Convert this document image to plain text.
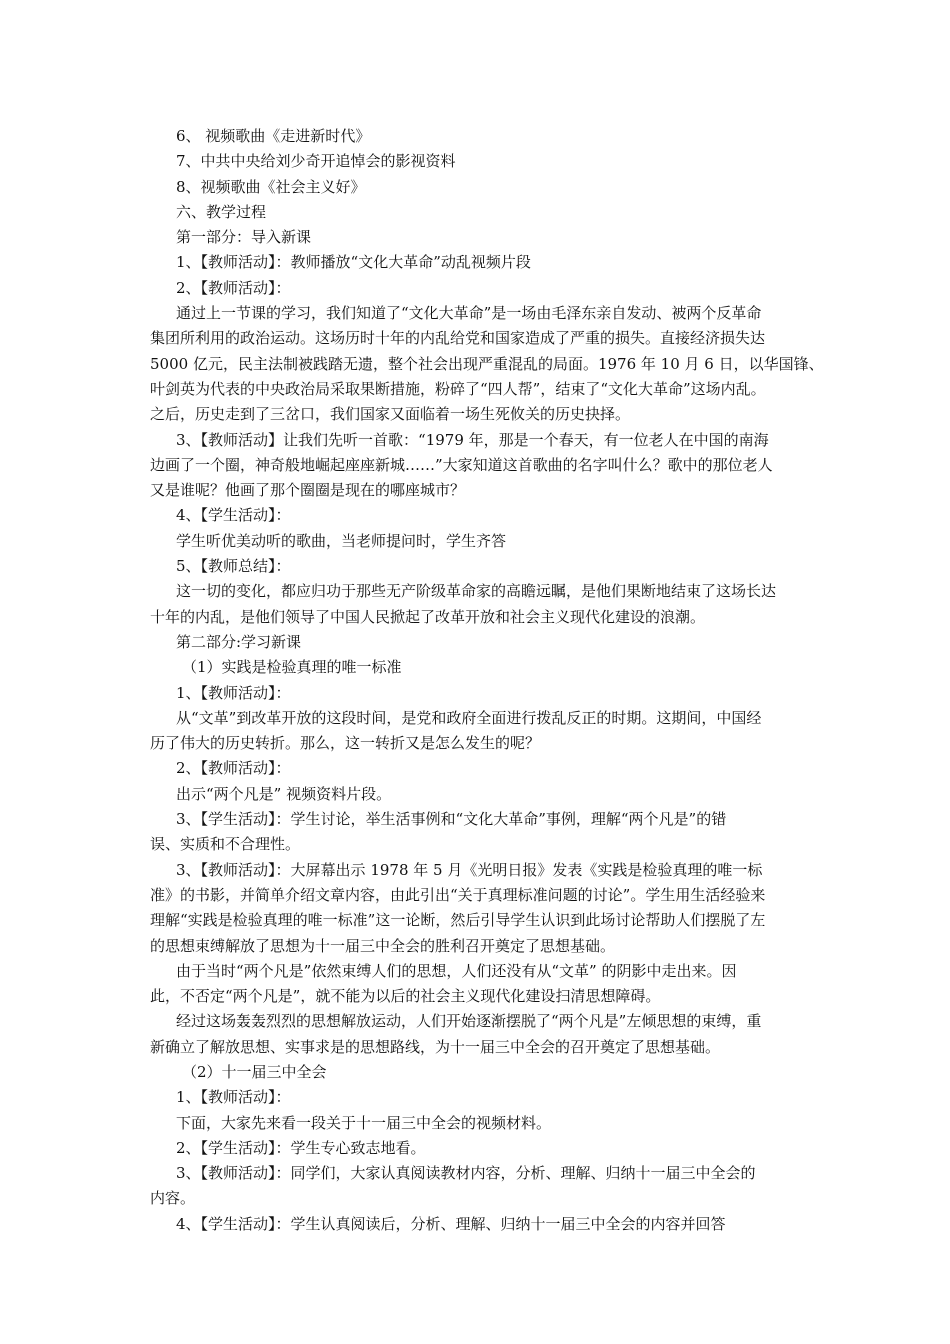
6、 视频歌曲《走进新时代》
7、中共中央给刘少奇开追悼会的影视资料
8、视频歌曲《社会主义好》
六、教学过程
第一部分：导入新课
1、【教师活动】：教师播放“文化大革命”动乱视频片段
2、【教师活动】：
通过上一节课的学习，我们知道了“文化大革命”是一场由毛泽东亲自发动、被两个反革命
集团所利用的政治运动。这场历时十年的内乱给党和国家造成了严重的损失。直接经济损失达
5000 亿元，民主法制被践踏无遗，整个社会出现严重混乱的局面。1976 年 10 月 6 日，以华国锋、
叶剑英为代表的中央政治局采取果断措施，粉碎了“四人帮”，结束了“文化大革命”这场内乱。
之后，历史走到了三岔口，我们国家又面临着一场生死攸关的历史抉择。
3、【教师活动】让我们先听一首歌：“1979 年，那是一个春天，有一位老人在中国的南海
边画了一个圈，神奇般地崛起座座新城……”大家知道这首歌曲的名字叫什么？歌中的那位老人
又是谁呢？他画了那个圈圈是现在的哪座城市？
4、【学生活动】：
学生听优美动听的歌曲，当老师提问时，学生齐答
5、【教师总结】：
这一切的变化，都应归功于那些无产阶级革命家的高瞻远瞩，是他们果断地结束了这场长达
十年的内乱，是他们领导了中国人民掀起了改革开放和社会主义现代化建设的浪潮。
第二部分:学习新课
（1）实践是检验真理的唯一标准
1、【教师活动】：
从“文革”到改革开放的这段时间，是党和政府全面进行拨乱反正的时期。这期间，中国经
历了伟大的历史转折。那么，这一转折又是怎么发生的呢？
2、【教师活动】：
出示“两个凡是” 视频资料片段。
3、【学生活动】：学生讨论，举生活事例和“文化大革命”事例，理解“两个凡是”的错
误、实质和不合理性。
3、【教师活动】：大屏幕出示 1978 年 5 月《光明日报》发表《实践是检验真理的唯一标
准》的书影，并简单介绍文章内容，由此引出“关于真理标准问题的讨论”。学生用生活经验来
理解“实践是检验真理的唯一标准”这一论断，然后引导学生认识到此场讨论帮助人们摆脱了左
的思想束缚解放了思想为十一届三中全会的胜利召开奠定了思想基础。
由于当时“两个凡是”依然束缚人们的思想，人们还没有从“文革” 的阴影中走出来。因
此，不否定“两个凡是”，就不能为以后的社会主义现代化建设扫清思想障碍。
经过这场轰轰烈烈的思想解放运动，人们开始逐渐摆脱了“两个凡是”左倾思想的束缚，重
新确立了解放思想、实事求是的思想路线，为十一届三中全会的召开奠定了思想基础。
（2）十一届三中全会
1、【教师活动】：
下面，大家先来看一段关于十一届三中全会的视频材料。
2、【学生活动】：学生专心致志地看。
3、【教师活动】：同学们，大家认真阅读教材内容，分析、理解、归纳十一届三中全会的
内容。
4、【学生活动】：学生认真阅读后，分析、理解、归纳十一届三中全会的内容并回答
